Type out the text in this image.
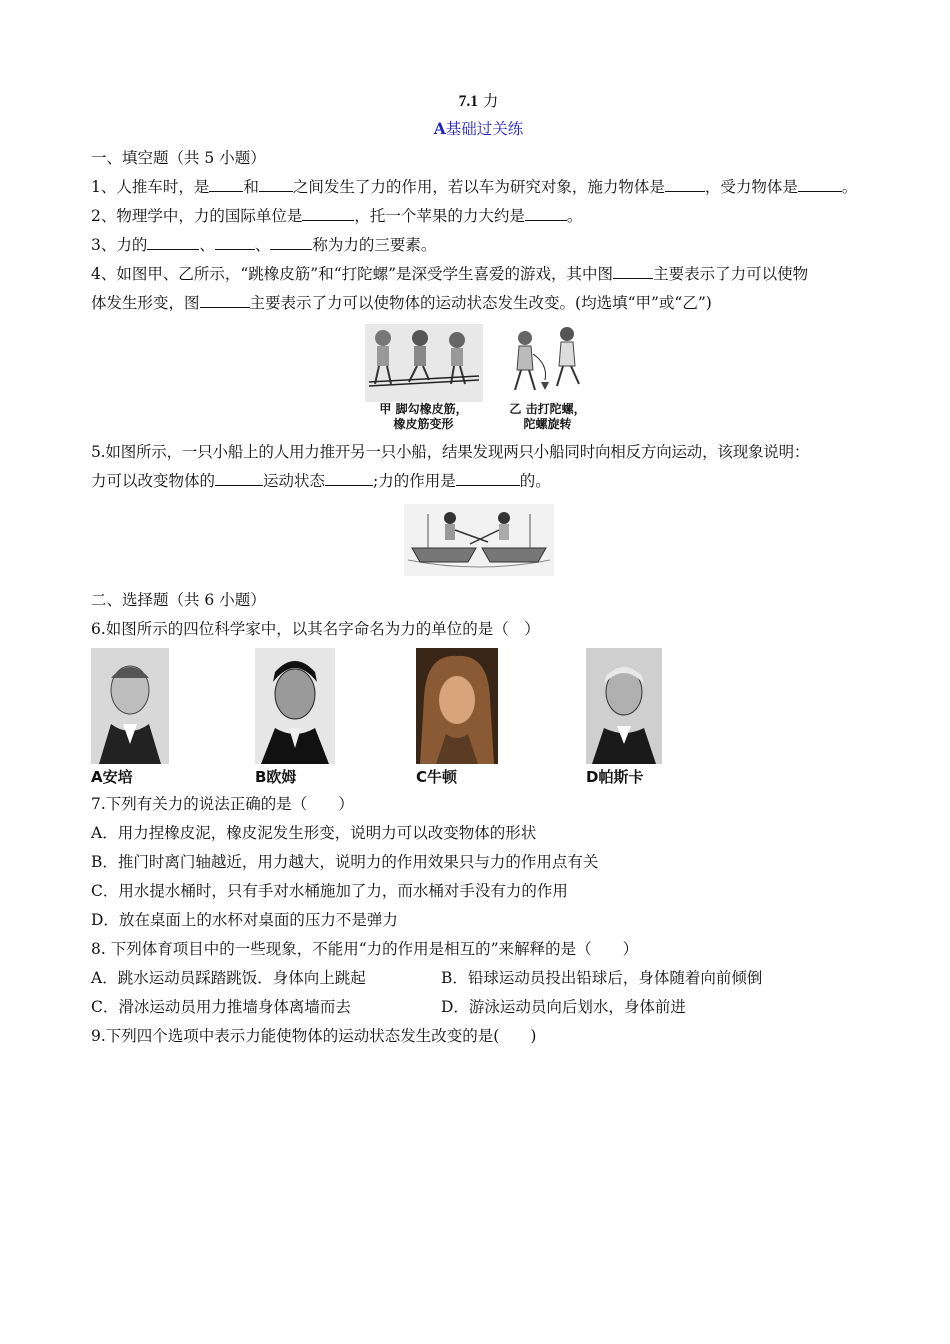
7.1 力
A基础过关练

一、填空题（共 5 小题）

1、人推车时，是 和 之间发生了力的作用，若以车为研究对象，施力物体是	，受力物体是	。

2、物理学中，力的国际单位是	，托一个苹果的力大约是	。

3、力的	、	、	称为力的三要素。

4、如图甲、乙所示，“跳橡皮筋”和“打陀螺”是深受学生喜爱的游戏，其中图	主要表示了力可以使物

体发生形变，图	主要表示了力可以使物体的运动状态发生改变。(均选填“甲”或“乙”)

甲 脚勾橡皮筋，
橡皮筋变形
乙 击打陀螺，
陀螺旋转

5.如图所示，一只小船上的人用力推开另一只小船，结果发现两只小船同时向相反方向运动，该现象说明：

力可以改变物体的	运动状态	;力的作用是	的。

二、选择题（共 6 小题）

6.如图所示的四位科学家中，以其名字命名为力的单位的是（　）

A安培	B欧姆	C牛顿	D帕斯卡

7.下列有关力的说法正确的是（　　）

A．用力捏橡皮泥，橡皮泥发生形变，说明力可以改变物体的形状

B．推门时离门轴越近，用力越大，说明力的作用效果只与力的作用点有关

C．用水提水桶时，只有手对水桶施加了力，而水桶对手没有力的作用

D．放在桌面上的水杯对桌面的压力不是弹力

8. 下列体育项目中的一些现象，不能用“力的作用是相互的”来解释的是（　　）

A．跳水运动员踩踏跳饭．身体向上跳起	B．铅球运动员投出铅球后，身体随着向前倾倒
C．滑冰运动员用力推墙身体离墙而去	D．游泳运动员向后划水，身体前进

9.下列四个选项中表示力能使物体的运动状态发生改变的是(　　)
